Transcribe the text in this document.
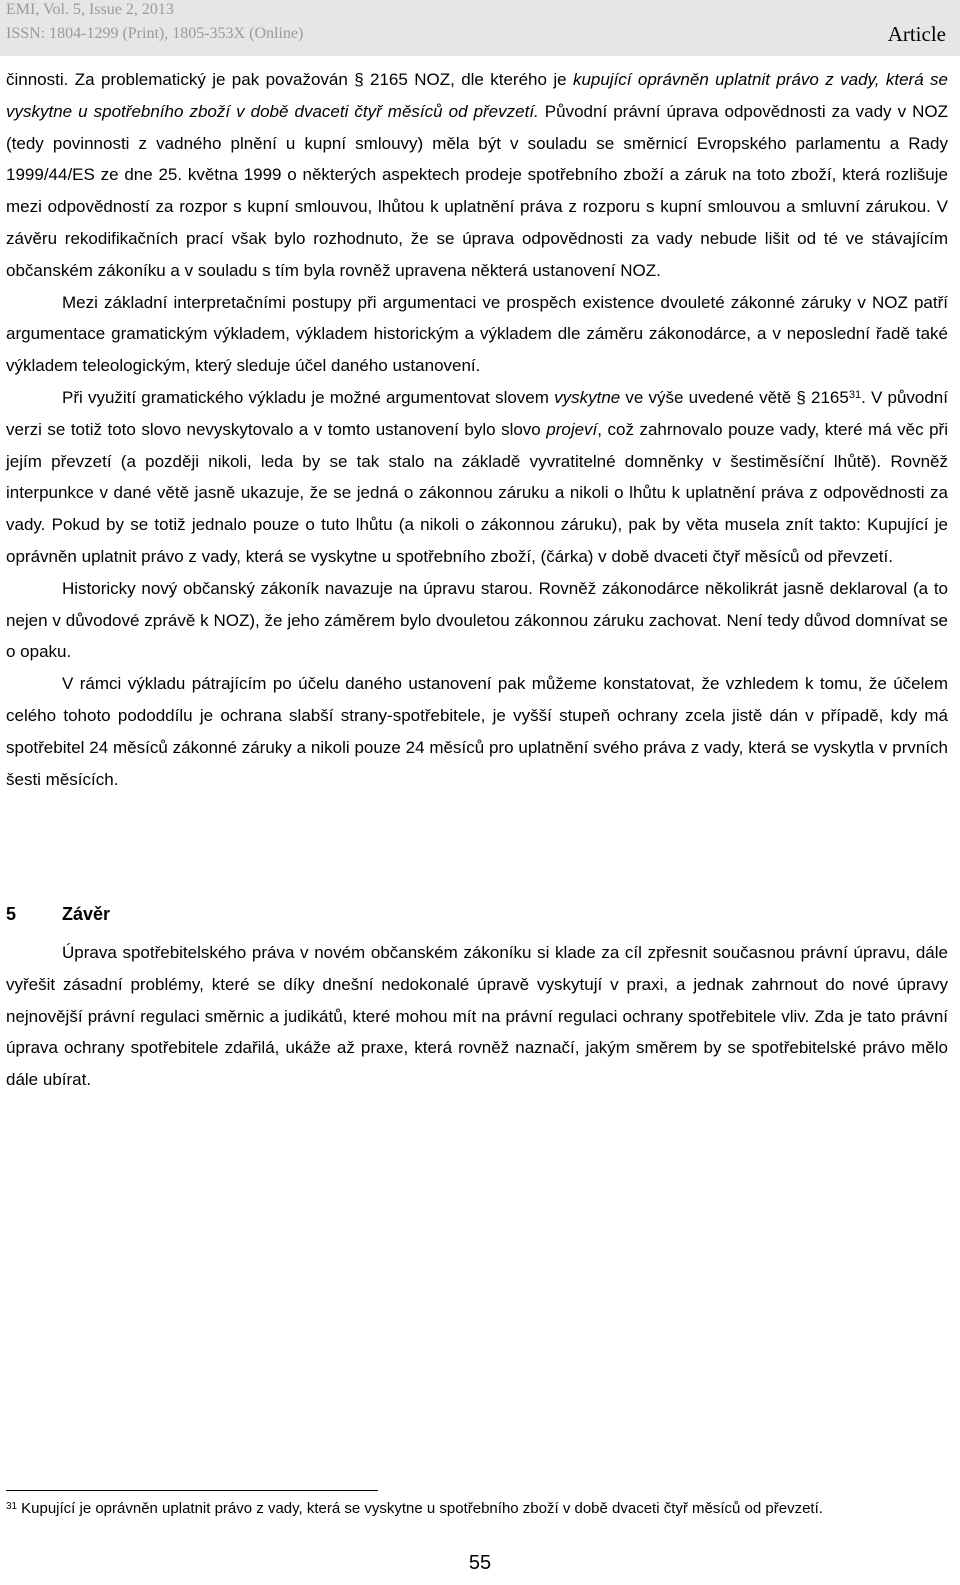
EMI, Vol. 5, Issue 2, 2013
ISSN: 1804-1299 (Print), 1805-353X (Online)	Article

činnosti. Za problematický je pak považován § 2165 NOZ, dle kterého je kupující oprávněn uplatnit právo z vady, která se vyskytne u spotřebního zboží v době dvaceti čtyř měsíců od převzetí. Původní právní úprava odpovědnosti za vady v NOZ (tedy povinnosti z vadného plnění u kupní smlouvy) měla být v souladu se směrnicí Evropského parlamentu a Rady 1999/44/ES ze dne 25. května 1999 o některých aspektech prodeje spotřebního zboží a záruk na toto zboží, která rozlišuje mezi odpovědností za rozpor s kupní smlouvou, lhůtou k uplatnění práva z rozporu s kupní smlouvou a smluvní zárukou. V závěru rekodifikačních prací však bylo rozhodnuto, že se úprava odpovědnosti za vady nebude lišit od té ve stávajícím občanském zákoníku a v souladu s tím byla rovněž upravena některá ustanovení NOZ.

Mezi základní interpretačními postupy při argumentaci ve prospěch existence dvouleté zákonné záruky v NOZ patří argumentace gramatickým výkladem, výkladem historickým a výkladem dle záměru zákonodárce, a v neposlední řadě také výkladem teleologickým, který sleduje účel daného ustanovení.

Při využití gramatického výkladu je možné argumentovat slovem vyskytne ve výše uvedené větě § 2165$^{31}$. V původní verzi se totiž toto slovo nevyskytovalo a v tomto ustanovení bylo slovo projeví, což zahrnovalo pouze vady, které má věc při jejím převzetí (a později nikoli, leda by se tak stalo na základě vyvratitelné domněnky v šestiměsíční lhůtě). Rovněž interpunkce v dané větě jasně ukazuje, že se jedná o zákonnou záruku a nikoli o lhůtu k uplatnění práva z odpovědnosti za vady. Pokud by se totiž jednalo pouze o tuto lhůtu (a nikoli o zákonnou záruku), pak by věta musela znít takto: Kupující je oprávněn uplatnit právo z vady, která se vyskytne u spotřebního zboží, (čárka) v době dvaceti čtyř měsíců od převzetí.

Historicky nový občanský zákoník navazuje na úpravu starou. Rovněž zákonodárce několikrát jasně deklaroval (a to nejen v důvodové zprávě k NOZ), že jeho záměrem bylo dvouletou zákonnou záruku zachovat. Není tedy důvod domnívat se o opaku.

V rámci výkladu pátrajícím po účelu daného ustanovení pak můžeme konstatovat, že vzhledem k tomu, že účelem celého tohoto pododdílu je ochrana slabší strany-spotřebitele, je vyšší stupeň ochrany zcela jistě dán v případě, kdy má spotřebitel 24 měsíců zákonné záruky a nikoli pouze 24 měsíců pro uplatnění svého práva z vady, která se vyskytla v prvních šesti měsících.

5	Závěr

Úprava spotřebitelského práva v novém občanském zákoníku si klade za cíl zpřesnit současnou právní úpravu, dále vyřešit zásadní problémy, které se díky dnešní nedokonalé úpravě vyskytují v praxi, a jednak zahrnout do nové úpravy nejnovější právní regulaci směrnic a judikátů, které mohou mít na právní regulaci ochrany spotřebitele vliv. Zda je tato právní úprava ochrany spotřebitele zdařilá, ukáže až praxe, která rovněž naznačí, jakým směrem by se spotřebitelské právo mělo dále ubírat.

$^{31}$ Kupující je oprávněn uplatnit právo z vady, která se vyskytne u spotřebního zboží v době dvaceti čtyř měsíců od převzetí.
55
